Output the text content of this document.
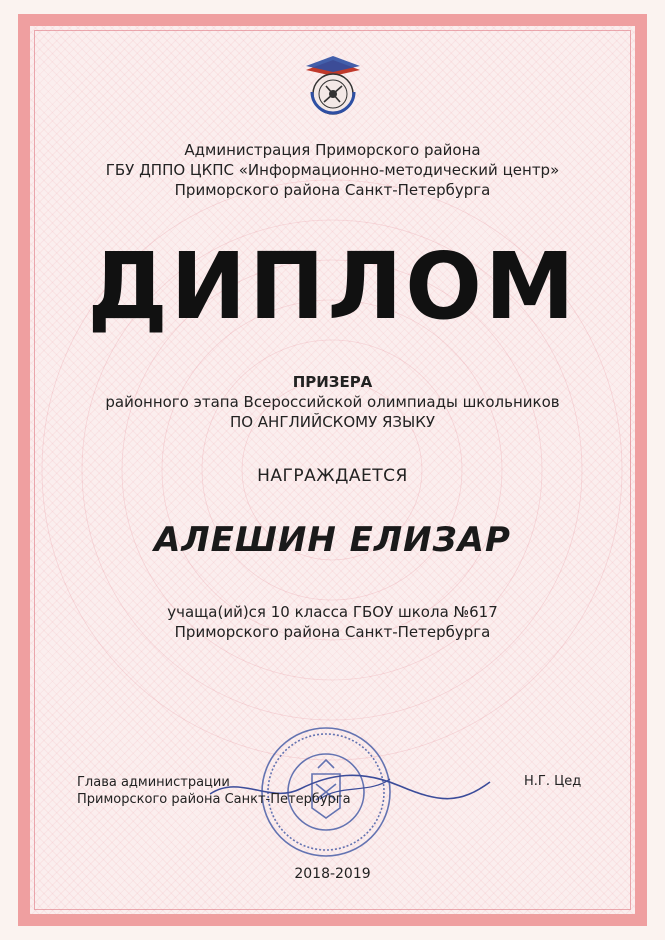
Администрация Приморского района
ГБУ ДППО ЦКПС «Информационно-методический центр»
Приморского района Санкт-Петербурга
ДИПЛОМ
ПРИЗЕРА
районного этапа Всероссийской олимпиады школьников
ПО АНГЛИЙСКОМУ ЯЗЫКУ
НАГРАЖДАЕТСЯ
АЛЕШИН ЕЛИЗАР
учаща(ий)ся 10 класса ГБОУ школа №617
Приморского района Санкт-Петербурга
Глава администрации
Приморского района Санкт-Петербурга
Н.Г. Цед
2018-2019
